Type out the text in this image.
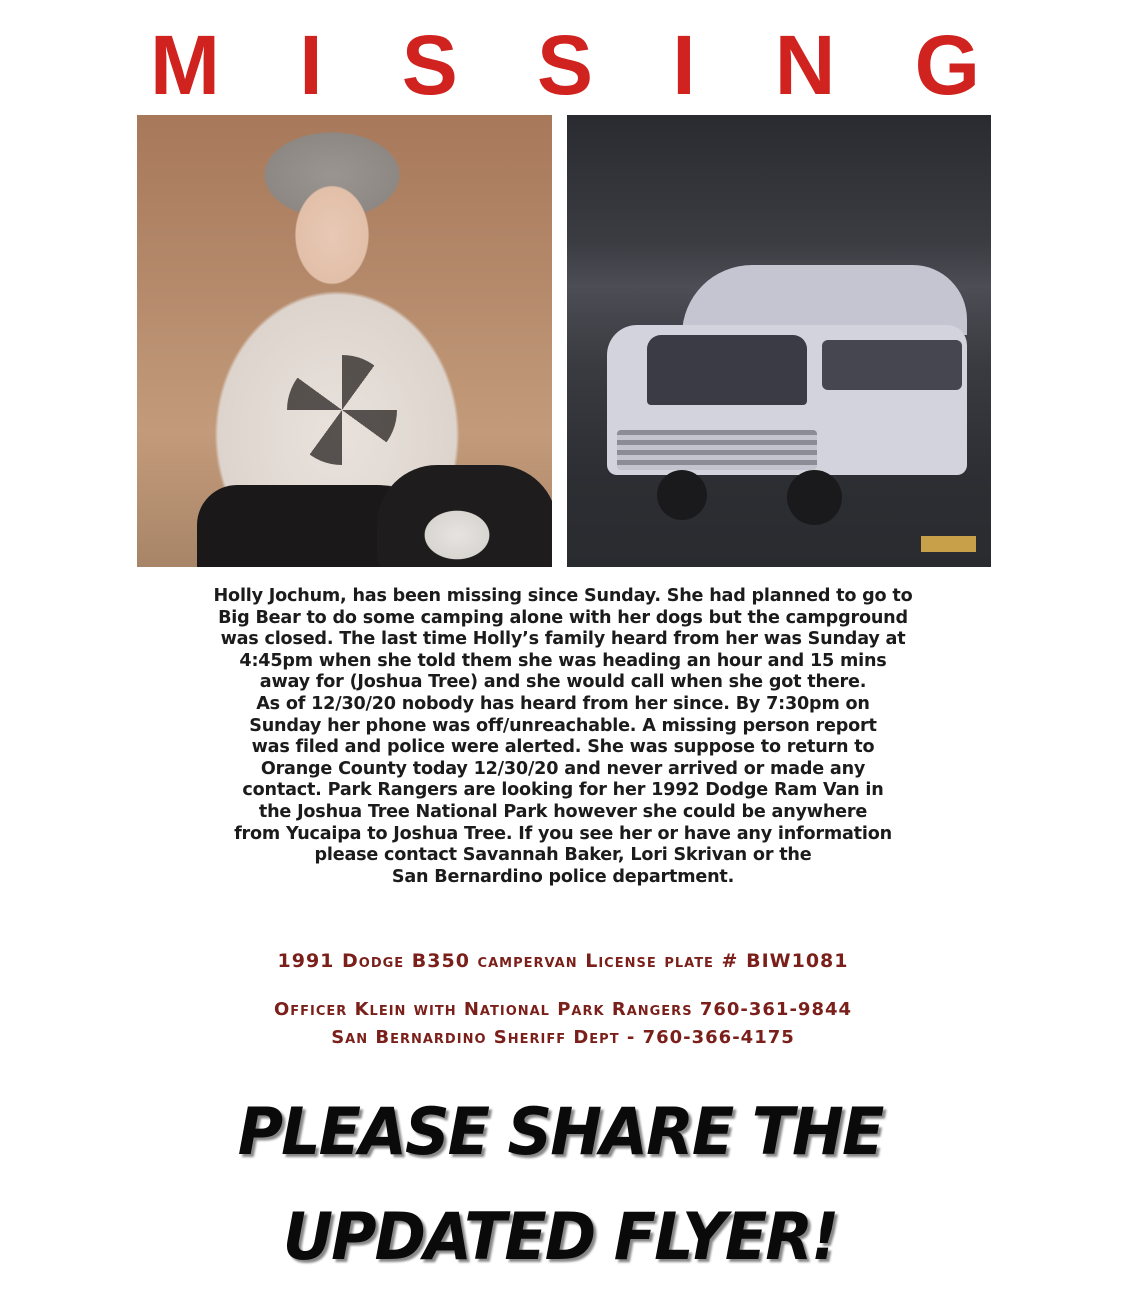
M I S S I N G
Holly Jochum, has been missing since Sunday. She had planned to go to
Big Bear to do some camping alone with her dogs but the campground
was closed. The last time Holly’s family heard from her was Sunday at
4:45pm when she told them she was heading an hour and 15 mins
away for (Joshua Tree) and she would call when she got there.
As of 12/30/20 nobody has heard from her since. By 7:30pm on
Sunday her phone was off/unreachable. A missing person report
was filed and police were alerted. She was suppose to return to
Orange County today 12/30/20 and never arrived or made any
contact. Park Rangers are looking for her 1992 Dodge Ram Van in
the Joshua Tree National Park however she could be anywhere
from Yucaipa to Joshua Tree. If you see her or have any information
please contact Savannah Baker, Lori Skrivan or the
San Bernardino police department.
1991 Dodge B350 campervan License plate # BIW1081
Officer Klein with National Park Rangers 760-361-9844
San Bernardino Sheriff Dept - 760-366-4175
PLEASE SHARE THE
UPDATED FLYER!
